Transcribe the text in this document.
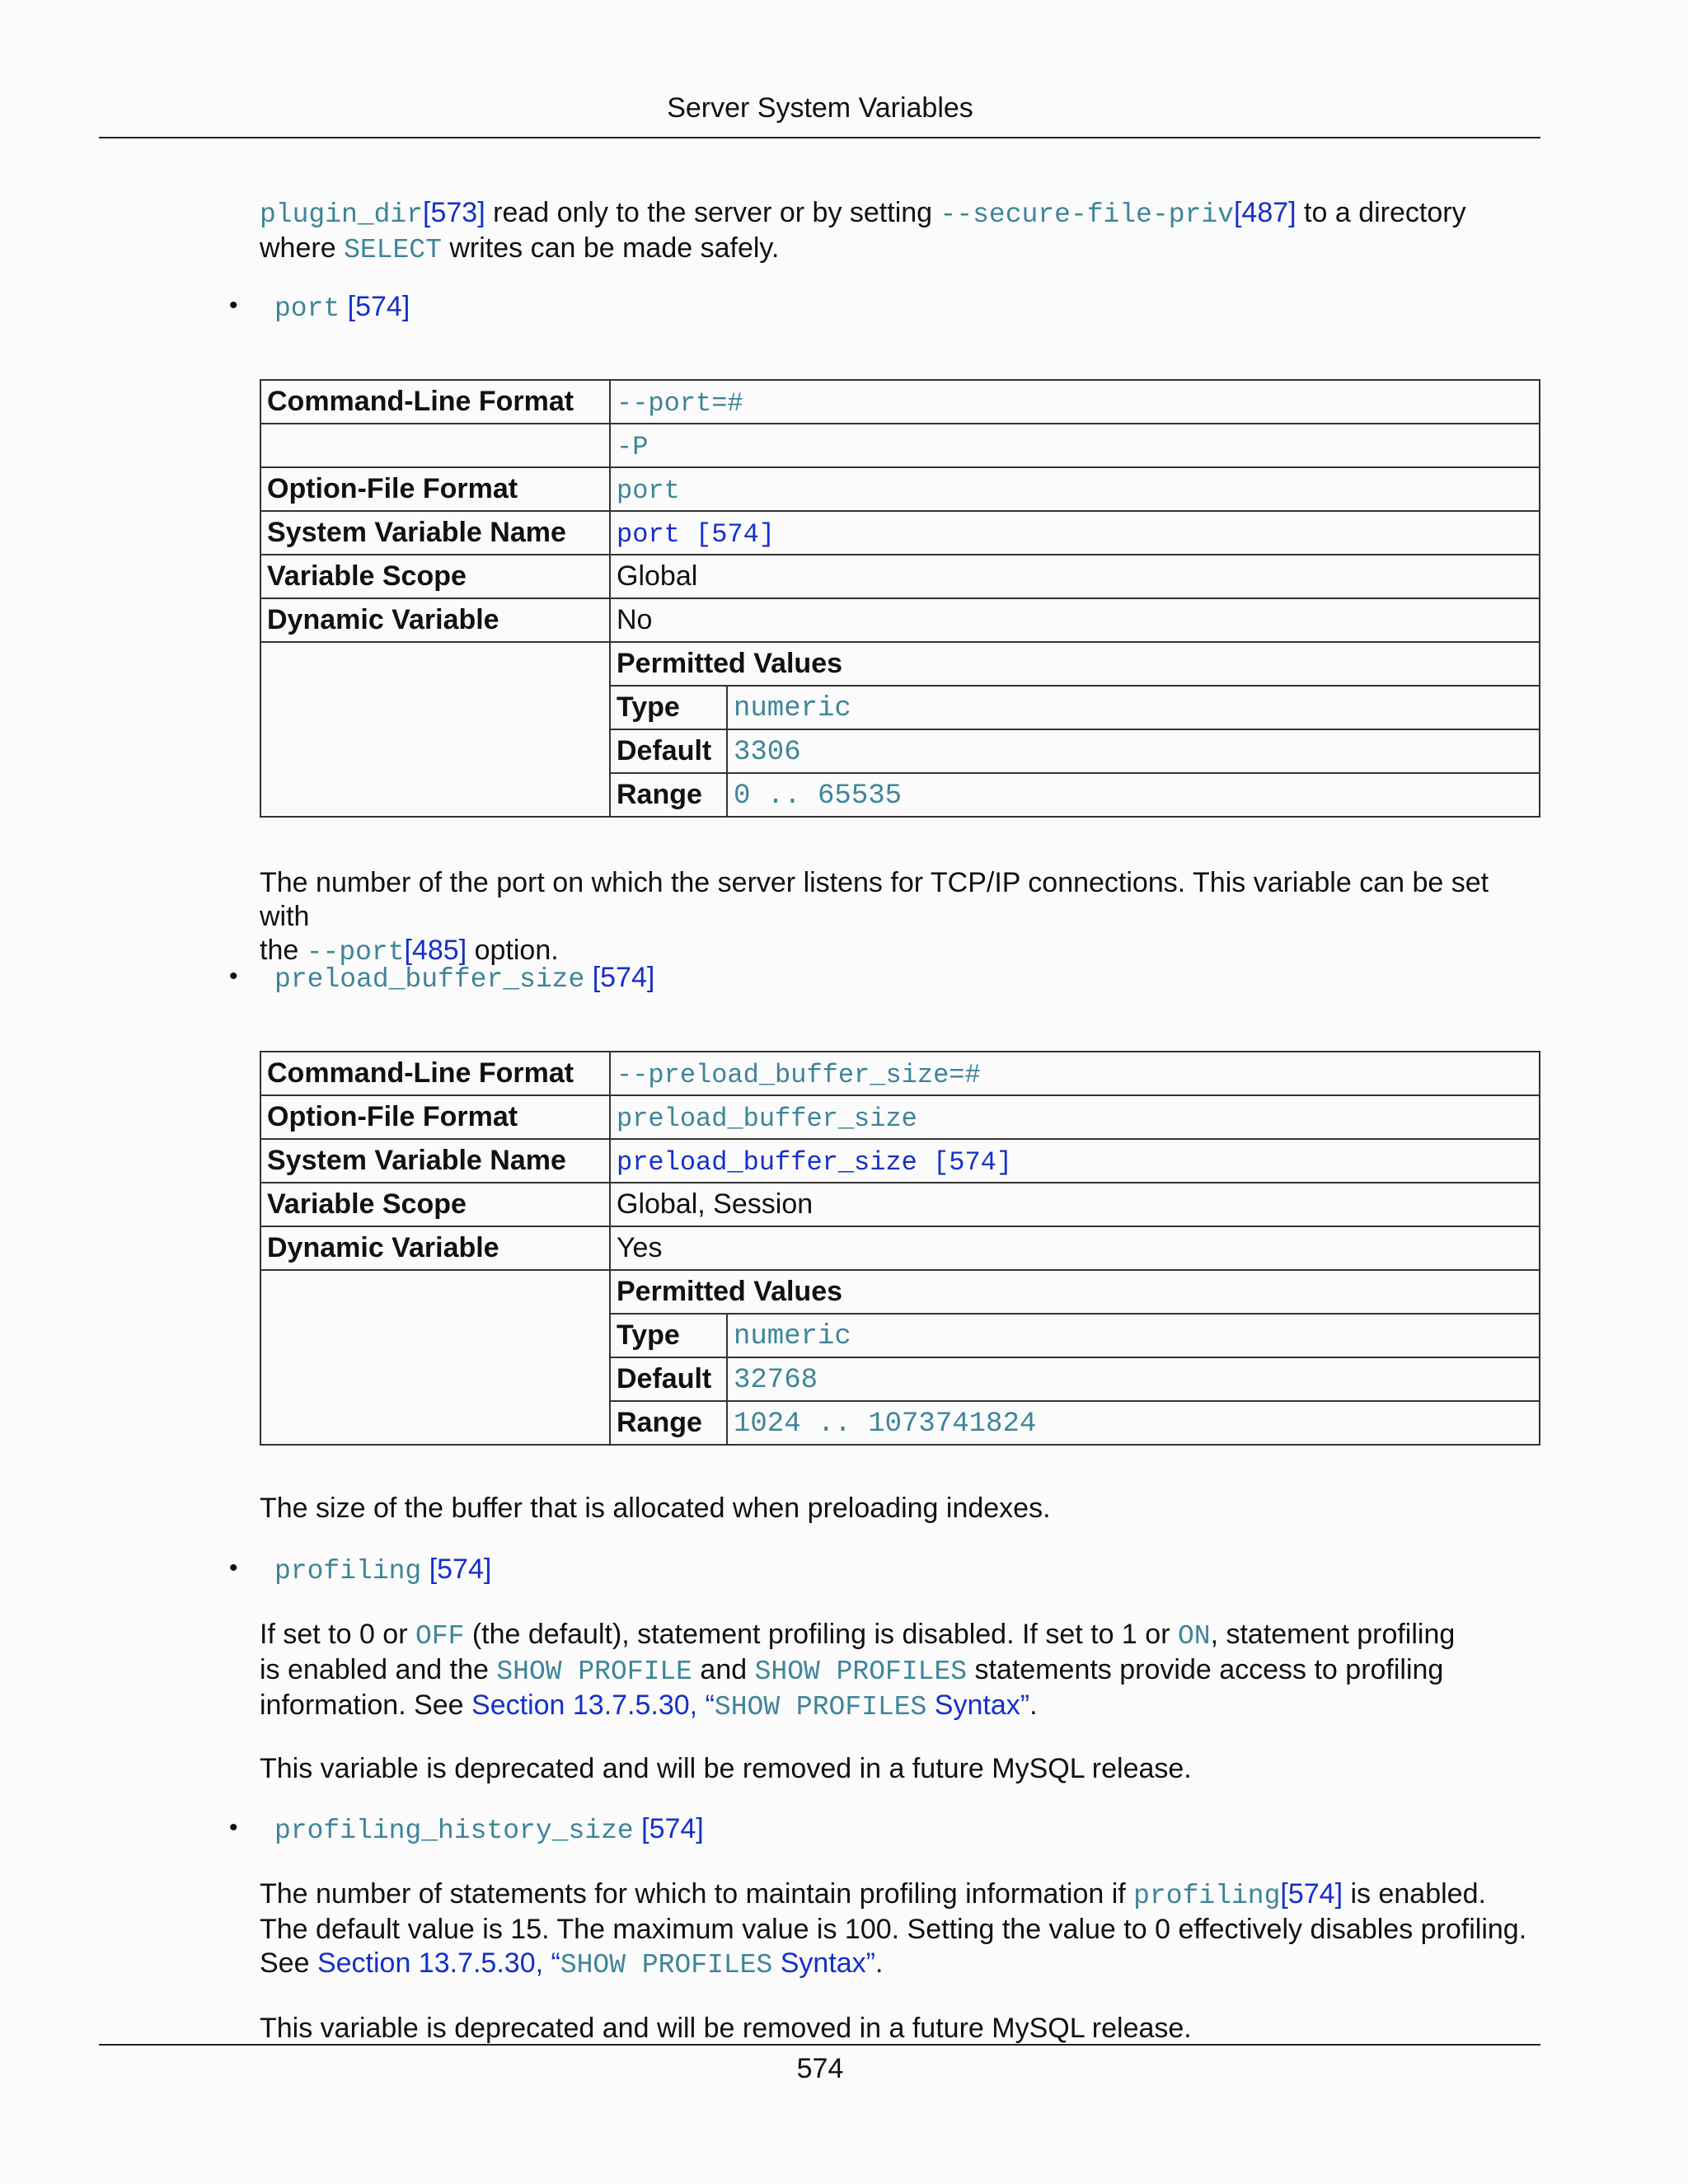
Server System Variables
plugin_dir[573] read only to the server or by setting --secure-file-priv[487] to a directory
where SELECT writes can be made safely.
• port [574]
Command-Line Format	--port=#
	-P
Option-File Format	port
System Variable Name	port [574]
Variable Scope	Global
Dynamic Variable	No

Permitted Values
Type	numeric
Default	3306
Range	0 .. 65535
The number of the port on which the server listens for TCP/IP connections. This variable can be set with
the --port[485] option.
• preload_buffer_size [574]
Command-Line Format	--preload_buffer_size=#
Option-File Format	preload_buffer_size
System Variable Name	preload_buffer_size [574]
Variable Scope	Global, Session
Dynamic Variable	Yes

Permitted Values
Type	numeric
Default	32768
Range	1024 .. 1073741824
The size of the buffer that is allocated when preloading indexes.
• profiling [574]
If set to 0 or OFF (the default), statement profiling is disabled. If set to 1 or ON, statement profiling
is enabled and the SHOW PROFILE and SHOW PROFILES statements provide access to profiling
information. See Section 13.7.5.30, “SHOW PROFILES Syntax”.
This variable is deprecated and will be removed in a future MySQL release.
• profiling_history_size [574]
The number of statements for which to maintain profiling information if profiling[574] is enabled.
The default value is 15. The maximum value is 100. Setting the value to 0 effectively disables profiling.
See Section 13.7.5.30, “SHOW PROFILES Syntax”.
This variable is deprecated and will be removed in a future MySQL release.
574
